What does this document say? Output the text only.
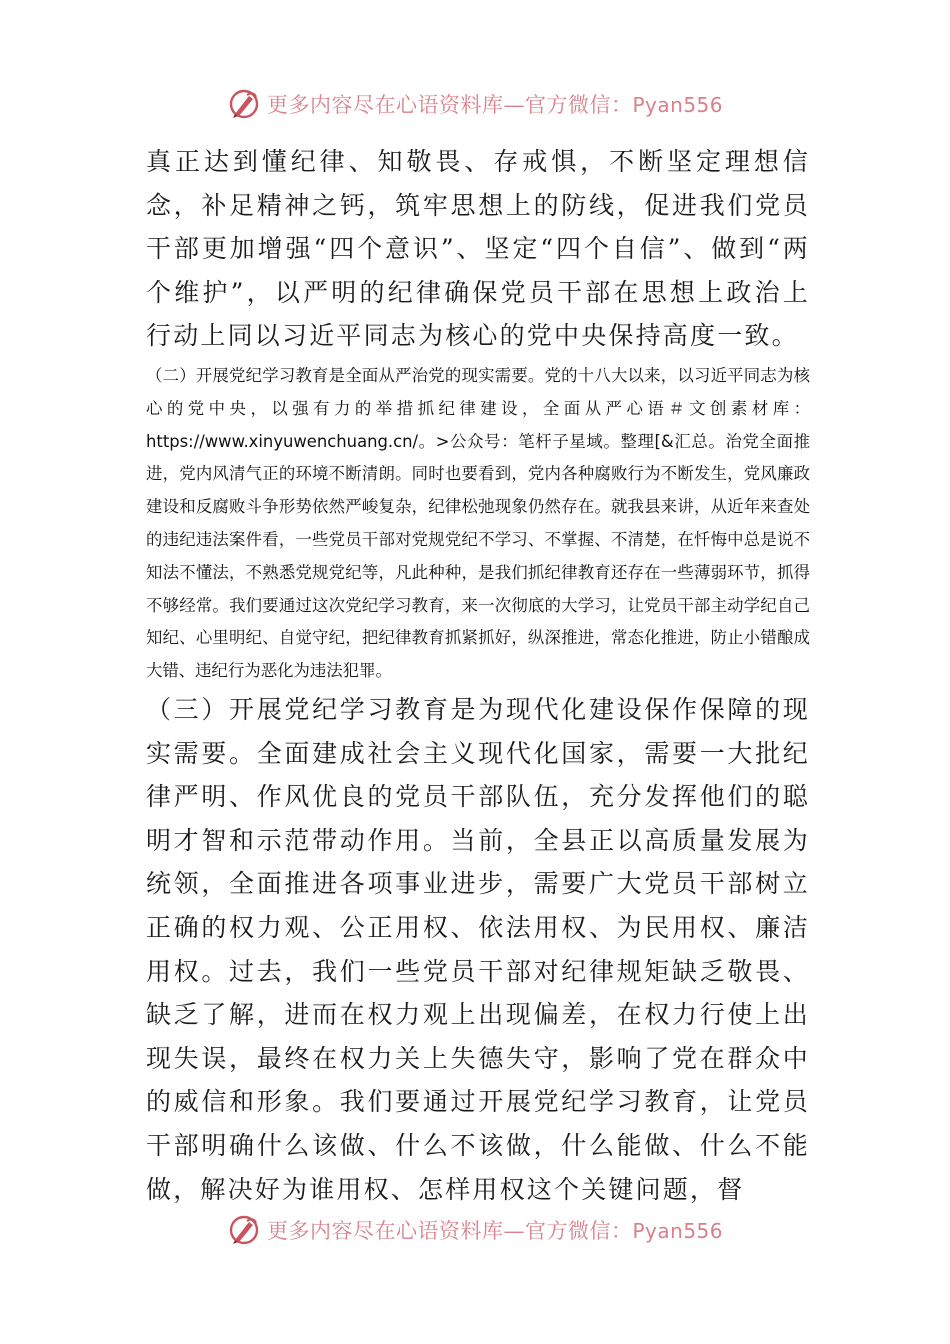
更多内容尽在心语资料库—官方微信：Pyan556

真正达到懂纪律、知敬畏、存戒惧，不断坚定理想信念，补足精神之钙，筑牢思想上的防线，促进我们党员干部更加增强“四个意识”、坚定“四个自信”、做到“两个维护”，以严明的纪律确保党员干部在思想上政治上行动上同以习近平同志为核心的党中央保持高度一致。

（二）开展党纪学习教育是全面从严治党的现实需要。党的十八大以来，以习近平同志为核心的党中央，以强有力的举措抓纪律建设，全面从严心语＃文创素材库：https://www.xinyuwenchuang.cn/。>公众号：笔杆子星域。整理[&汇总。治党全面推进，党内风清气正的环境不断清朗。同时也要看到，党内各种腐败行为不断发生，党风廉政建设和反腐败斗争形势依然严峻复杂，纪律松弛现象仍然存在。就我县来讲，从近年来查处的违纪违法案件看，一些党员干部对党规党纪不学习、不掌握、不清楚，在忏悔中总是说不知法不懂法，不熟悉党规党纪等，凡此种种，是我们抓纪律教育还存在一些薄弱环节，抓得不够经常。我们要通过这次党纪学习教育，来一次彻底的大学习，让党员干部主动学纪自己知纪、心里明纪、自觉守纪，把纪律教育抓紧抓好，纵深推进，常态化推进，防止小错酿成大错、违纪行为恶化为违法犯罪。

（三）开展党纪学习教育是为现代化建设保作保障的现实需要。全面建成社会主义现代化国家，需要一大批纪律严明、作风优良的党员干部队伍，充分发挥他们的聪明才智和示范带动作用。当前，全县正以高质量发展为统领，全面推进各项事业进步，需要广大党员干部树立正确的权力观、公正用权、依法用权、为民用权、廉洁用权。过去，我们一些党员干部对纪律规矩缺乏敬畏、缺乏了解，进而在权力观上出现偏差，在权力行使上出现失误，最终在权力关上失德失守，影响了党在群众中的威信和形象。我们要通过开展党纪学习教育，让党员干部明确什么该做、什么不该做，什么能做、什么不能做，解决好为谁用权、怎样用权这个关键问题，督

更多内容尽在心语资料库—官方微信：Pyan556
